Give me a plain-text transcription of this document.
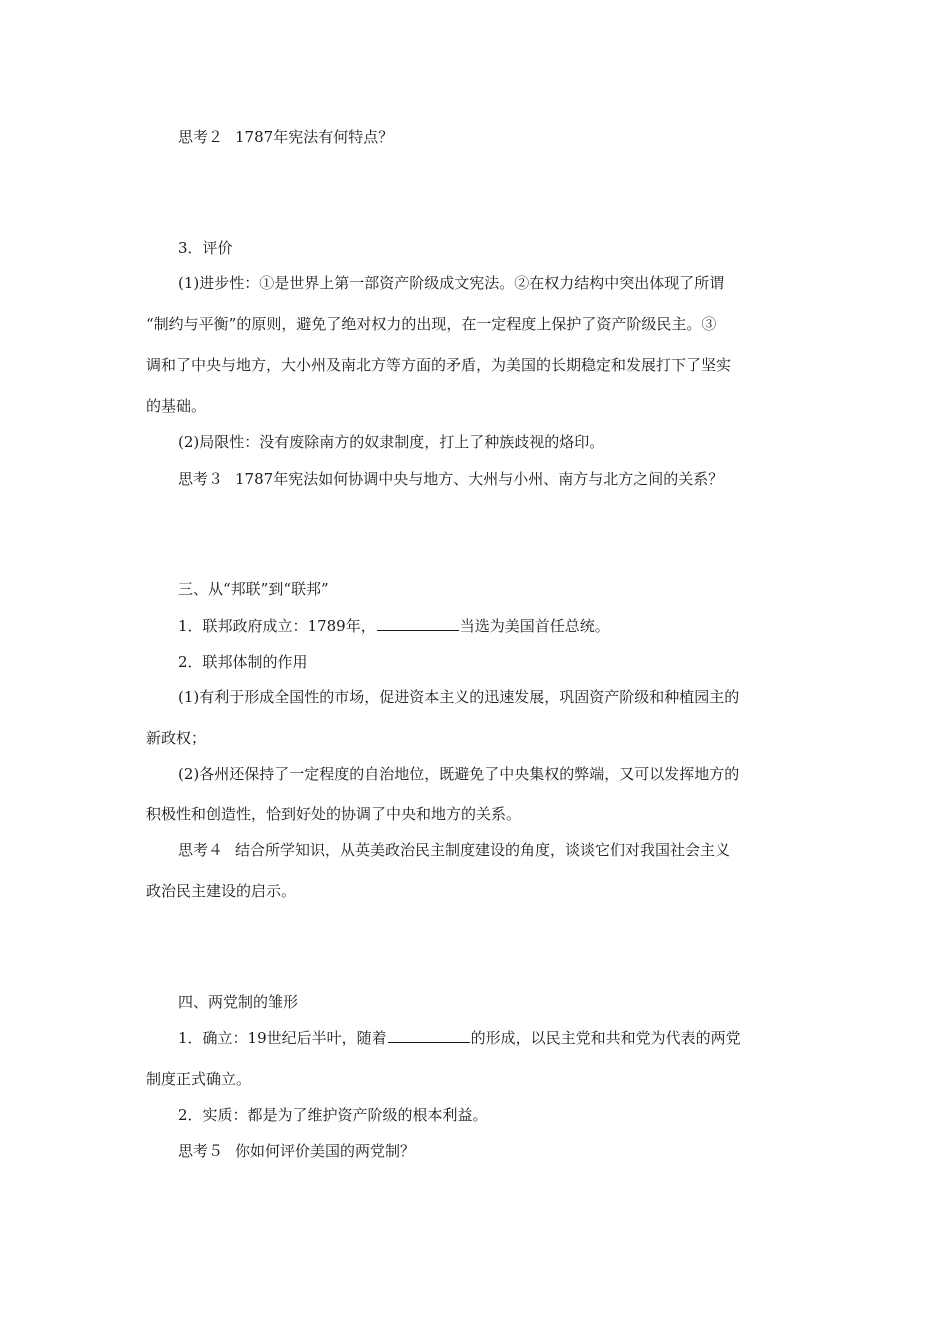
思考２ 1787年宪法有何特点？
3．评价
(1)进步性：①是世界上第一部资产阶级成文宪法。②在权力结构中突出体现了所谓
“制约与平衡”的原则，避免了绝对权力的出现，在一定程度上保护了资产阶级民主。③
调和了中央与地方，大小州及南北方等方面的矛盾，为美国的长期稳定和发展打下了坚实
的基础。
(2)局限性：没有废除南方的奴隶制度，打上了种族歧视的烙印。
思考３ 1787年宪法如何协调中央与地方、大州与小州、南方与北方之间的关系？
三、从“邦联”到“联邦”
1．联邦政府成立：1789年，	当选为美国首任总统。
2．联邦体制的作用
(1)有利于形成全国性的市场，促进资本主义的迅速发展，巩固资产阶级和种植园主的
新政权；
(2)各州还保持了一定程度的自治地位，既避免了中央集权的弊端，又可以发挥地方的
积极性和创造性，恰到好处的协调了中央和地方的关系。
思考４ 结合所学知识，从英美政治民主制度建设的角度，谈谈它们对我国社会主义
政治民主建设的启示。
四、两党制的雏形
1．确立：19世纪后半叶，随着	的形成，以民主党和共和党为代表的两党
制度正式确立。
2．实质：都是为了维护资产阶级的根本利益。
思考５ 你如何评价美国的两党制？
